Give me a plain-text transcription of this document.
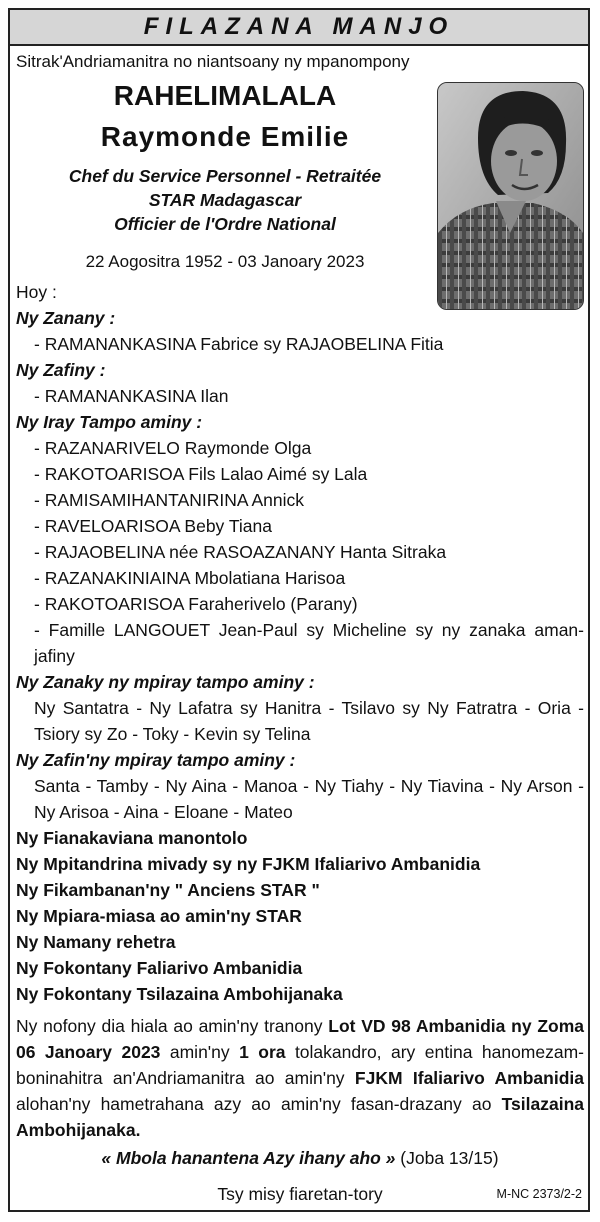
FILAZANA MANJO
Sitrak'Andriamanitra no niantsoany ny mpanompony
RAHELIMALALA
Raymonde Emilie
Chef du Service Personnel - Retraitée
STAR Madagascar
Officier de l'Ordre National
22 Aogositra 1952 - 03 Janoary 2023

Hoy :

Ny Zanany :

- RAMANANKASINA Fabrice sy RAJAOBELINA Fitia

Ny Zafiny :

- RAMANANKASINA Ilan

Ny Iray Tampo aminy :

- RAZANARIVELO Raymonde Olga

- RAKOTOARISOA Fils Lalao Aimé sy Lala

- RAMISAMIHANTANIRINA Annick

- RAVELOARISOA Beby Tiana

- RAJAOBELINA née RASOAZANANY Hanta Sitraka

- RAZANAKINIAINA Mbolatiana Harisoa

- RAKOTOARISOA Faraherivelo (Parany)

- Famille LANGOUET Jean-Paul sy Micheline sy ny zanaka aman-jafiny

Ny Zanaky ny mpiray tampo aminy :

Ny Santatra - Ny Lafatra sy Hanitra - Tsilavo sy Ny Fatratra - Oria - Tsiory sy Zo - Toky - Kevin sy Telina

Ny Zafin'ny mpiray tampo aminy :

Santa - Tamby - Ny Aina - Manoa - Ny Tiahy - Ny Tiavina - Ny Arson - Ny Arisoa - Aina - Eloane - Mateo

Ny Fianakaviana manontolo

Ny Mpitandrina mivady sy ny FJKM Ifaliarivo Ambanidia

Ny Fikambanan'ny " Anciens STAR "

Ny Mpiara-miasa ao amin'ny STAR

Ny Namany rehetra

Ny Fokontany Faliarivo Ambanidia

Ny Fokontany Tsilazaina Ambohijanaka

Ny nofony dia hiala ao amin'ny tranony Lot VD 98 Ambanidia ny Zoma 06 Janoary 2023 amin'ny 1 ora tolakandro, ary entina hanomezam-boninahitra an'Andriamanitra ao amin'ny FJKM Ifaliarivo Ambanidia alohan'ny hametrahana azy ao amin'ny fasan-drazany ao Tsilazaina Ambohijanaka.

« Mbola hanantena Azy ihany aho » (Joba 13/15)

Tsy misy fiaretan-tory	M-NC 2373/2-2
